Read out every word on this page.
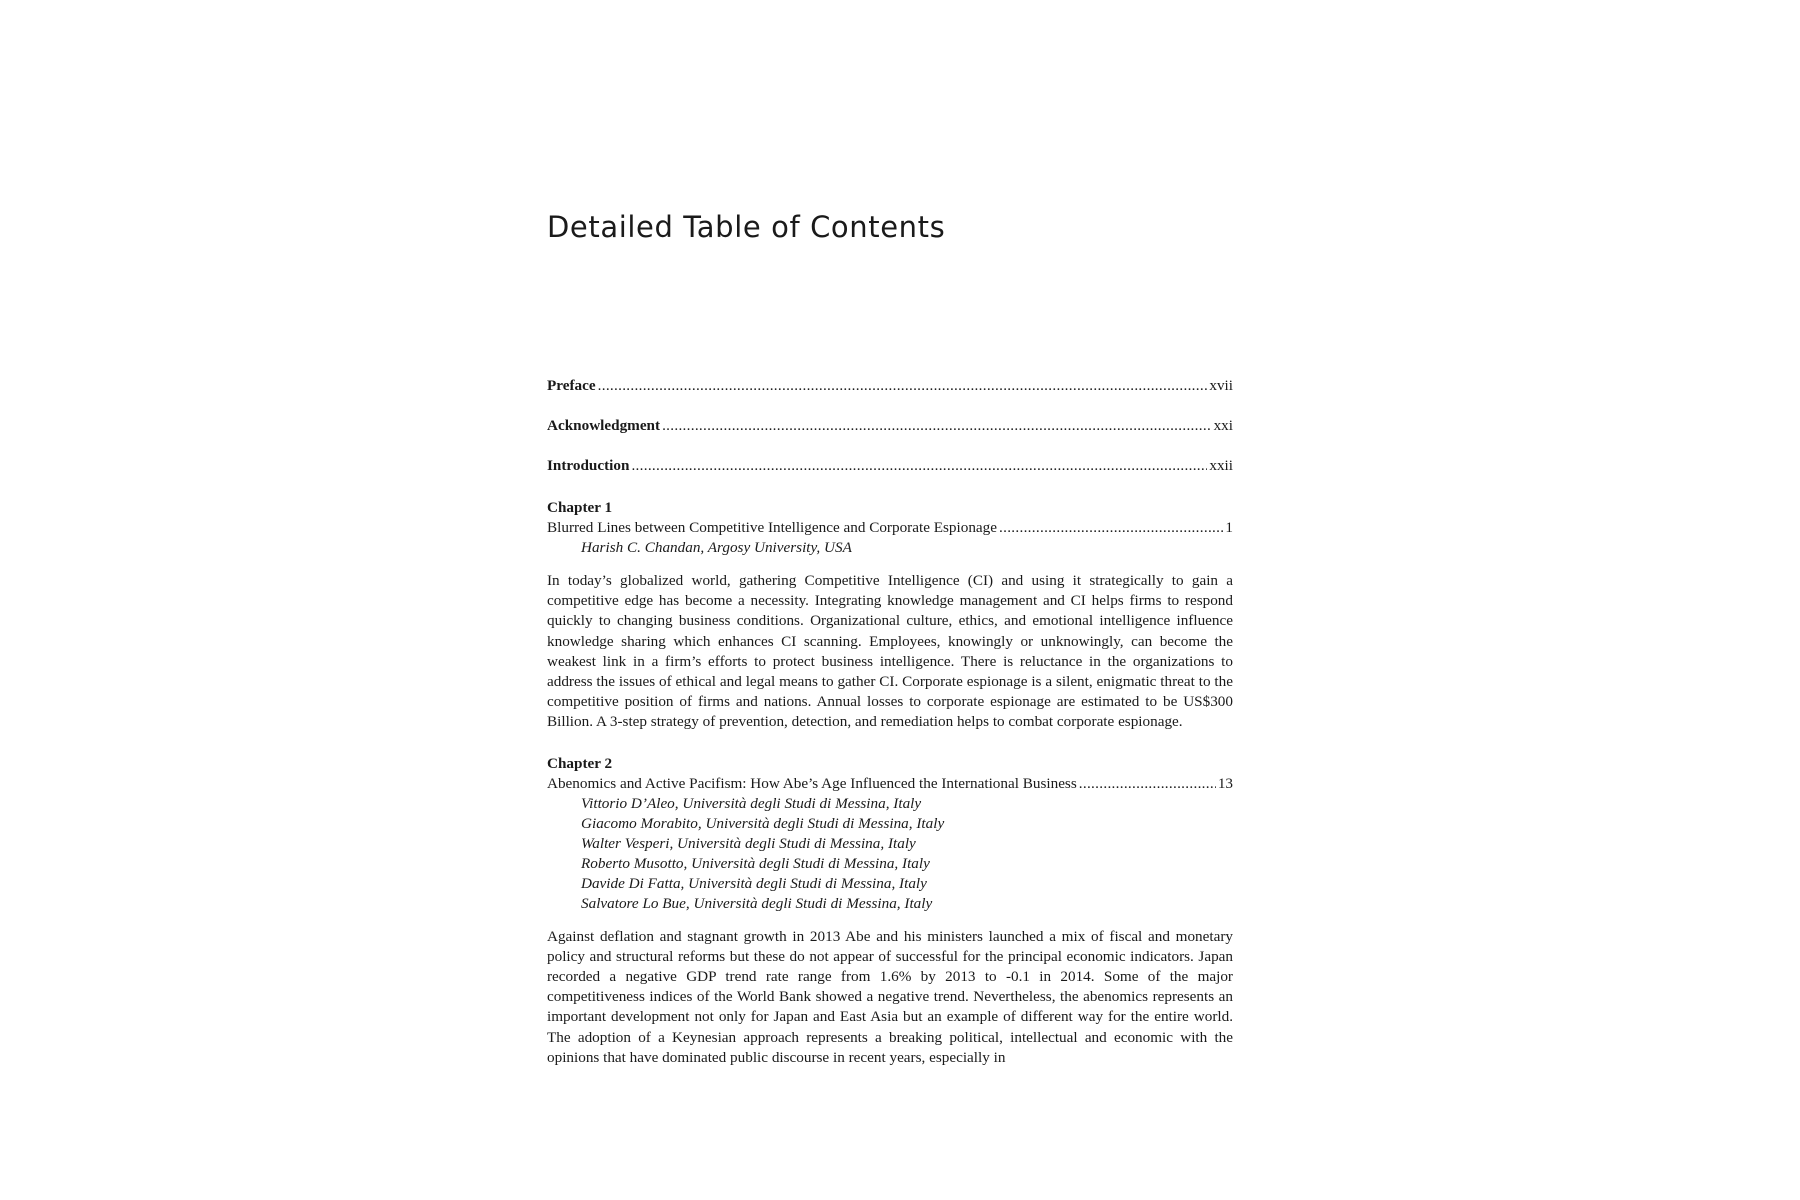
Detailed Table of Contents
Preface .....	xvii
Acknowledgment .....	xxi
Introduction .....	xxii
Chapter 1
Blurred Lines between Competitive Intelligence and Corporate Espionage .....	1
Harish C. Chandan, Argosy University, USA
In today’s globalized world, gathering Competitive Intelligence (CI) and using it strategically to gain a competitive edge has become a necessity. Integrating knowledge management and CI helps firms to respond quickly to changing business conditions. Organizational culture, ethics, and emotional intelligence influence knowledge sharing which enhances CI scanning. Employees, knowingly or unknowingly, can become the weakest link in a firm’s efforts to protect business intelligence. There is reluctance in the organizations to address the issues of ethical and legal means to gather CI. Corporate espionage is a silent, enigmatic threat to the competitive position of firms and nations. Annual losses to corporate espionage are estimated to be US$300 Billion. A 3-step strategy of prevention, detection, and remediation helps to combat corporate espionage.
Chapter 2
Abenomics and Active Pacifism: How Abe’s Age Influenced the International Business .....	13
Vittorio D’Aleo, Università degli Studi di Messina, Italy
Giacomo Morabito, Università degli Studi di Messina, Italy
Walter Vesperi, Università degli Studi di Messina, Italy
Roberto Musotto, Università degli Studi di Messina, Italy
Davide Di Fatta, Università degli Studi di Messina, Italy
Salvatore Lo Bue, Università degli Studi di Messina, Italy
Against deflation and stagnant growth in 2013 Abe and his ministers launched a mix of fiscal and monetary policy and structural reforms but these do not appear of successful for the principal economic indicators. Japan recorded a negative GDP trend rate range from 1.6% by 2013 to -0.1 in 2014. Some of the major competitiveness indices of the World Bank showed a negative trend. Nevertheless, the abenomics represents an important development not only for Japan and East Asia but an example of different way for the entire world. The adoption of a Keynesian approach represents a breaking political, intellectual and economic with the opinions that have dominated public discourse in recent years, especially in
